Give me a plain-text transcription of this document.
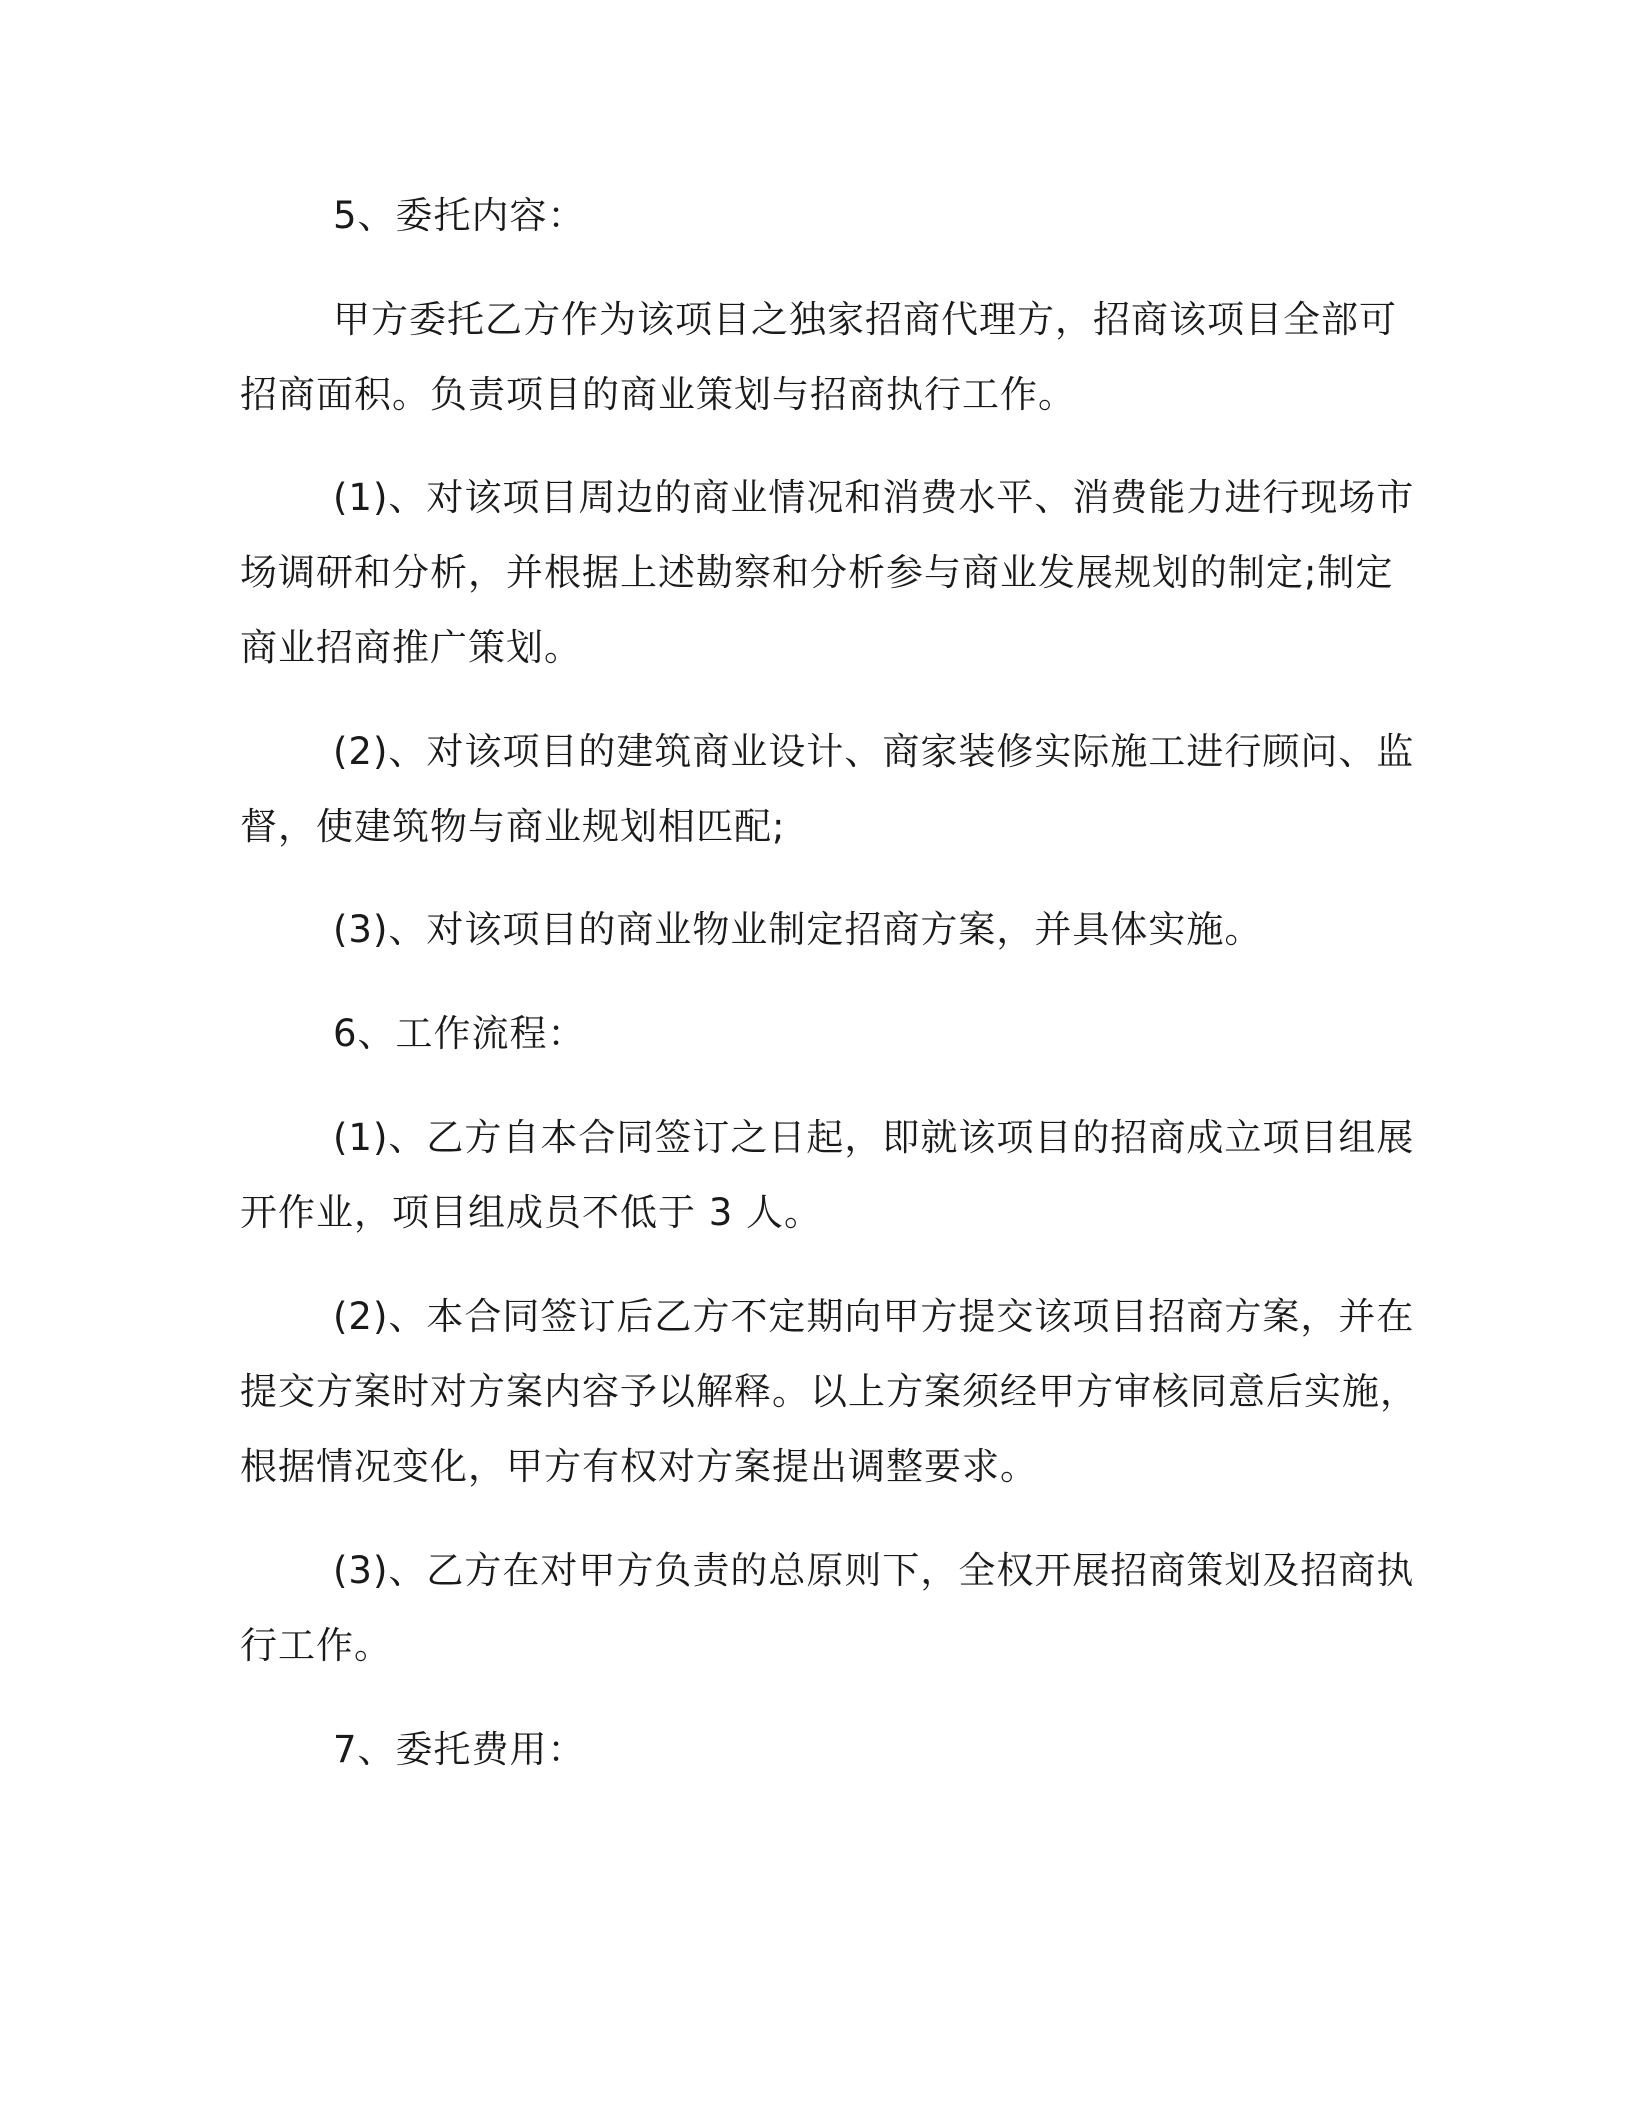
5、委托内容：
甲方委托乙方作为该项目之独家招商代理方，招商该项目全部可
招商面积。负责项目的商业策划与招商执行工作。
(1)、对该项目周边的商业情况和消费水平、消费能力进行现场市
场调研和分析，并根据上述勘察和分析参与商业发展规划的制定;制定
商业招商推广策划。
(2)、对该项目的建筑商业设计、商家装修实际施工进行顾问、监
督，使建筑物与商业规划相匹配;
(3)、对该项目的商业物业制定招商方案，并具体实施。
6、工作流程：
(1)、乙方自本合同签订之日起，即就该项目的招商成立项目组展
开作业，项目组成员不低于 3 人。
(2)、本合同签订后乙方不定期向甲方提交该项目招商方案，并在
提交方案时对方案内容予以解释。以上方案须经甲方审核同意后实施，
根据情况变化，甲方有权对方案提出调整要求。
(3)、乙方在对甲方负责的总原则下，全权开展招商策划及招商执
行工作。
7、委托费用：
